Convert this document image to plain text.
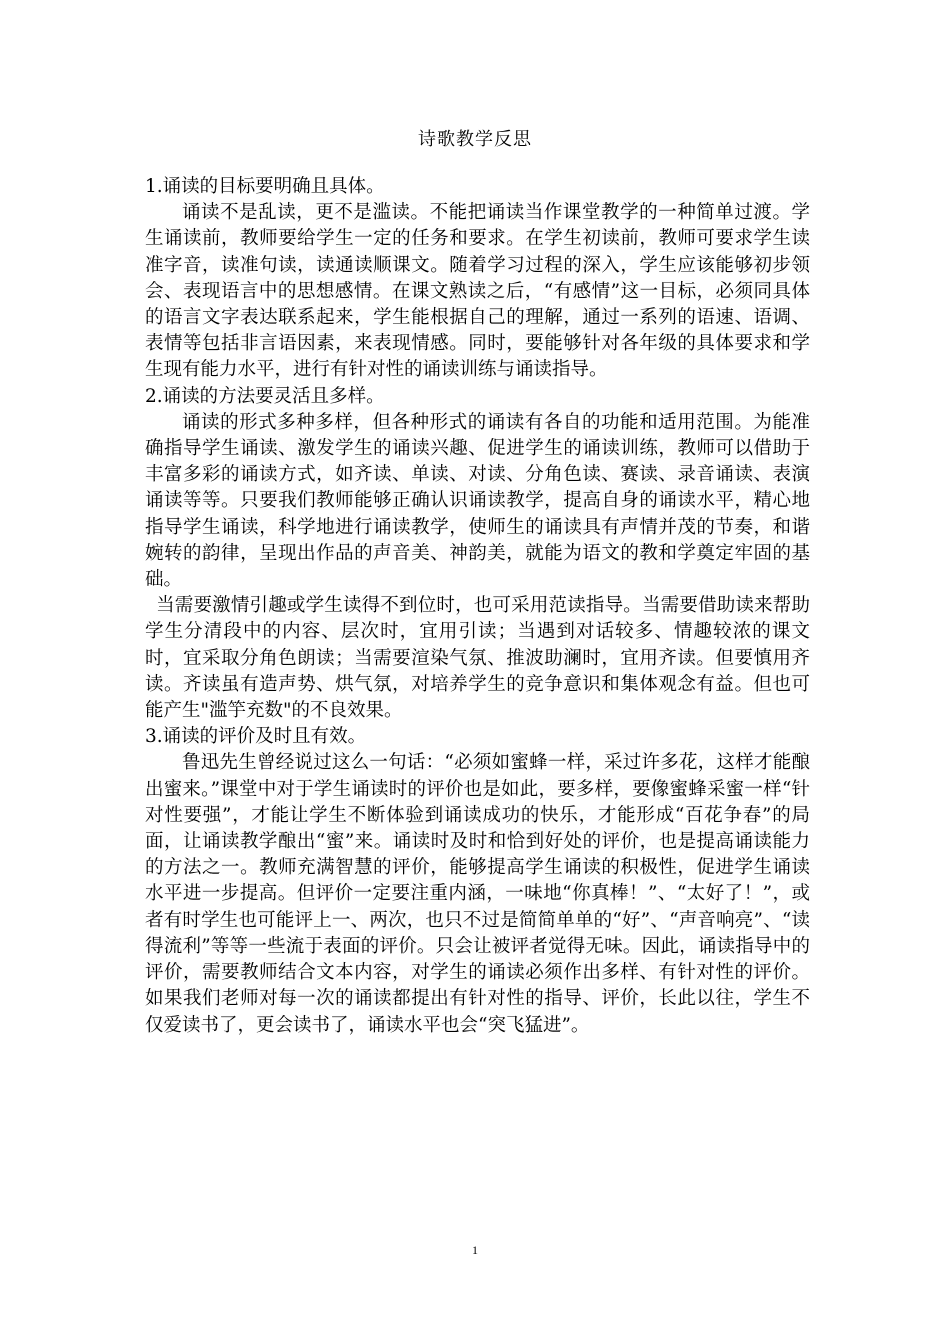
诗歌教学反思

1.诵读的目标要明确且具体。

诵读不是乱读，更不是滥读。不能把诵读当作课堂教学的一种简单过渡。学生诵读前，教师要给学生一定的任务和要求。在学生初读前，教师可要求学生读准字音，读准句读，读通读顺课文。随着学习过程的深入，学生应该能够初步领会、表现语言中的思想感情。在课文熟读之后，“有感情”这一目标，必须同具体的语言文字表达联系起来，学生能根据自己的理解，通过一系列的语速、语调、表情等包括非言语因素，来表现情感。同时，要能够针对各年级的具体要求和学生现有能力水平，进行有针对性的诵读训练与诵读指导。

2.诵读的方法要灵活且多样。

诵读的形式多种多样，但各种形式的诵读有各自的功能和适用范围。为能准确指导学生诵读、激发学生的诵读兴趣、促进学生的诵读训练，教师可以借助于丰富多彩的诵读方式，如齐读、单读、对读、分角色读、赛读、录音诵读、表演诵读等等。只要我们教师能够正确认识诵读教学，提高自身的诵读水平，精心地指导学生诵读，科学地进行诵读教学，使师生的诵读具有声情并茂的节奏，和谐婉转的韵律，呈现出作品的声音美、神韵美，就能为语文的教和学奠定牢固的基础。

当需要激情引趣或学生读得不到位时，也可采用范读指导。当需要借助读来帮助学生分清段中的内容、层次时，宜用引读；当遇到对话较多、情趣较浓的课文时，宜采取分角色朗读；当需要渲染气氛、推波助澜时，宜用齐读。但要慎用齐读。齐读虽有造声势、烘气氛，对培养学生的竞争意识和集体观念有益。但也可能产生"滥竽充数"的不良效果。

3.诵读的评价及时且有效。

鲁迅先生曾经说过这么一句话：“必须如蜜蜂一样，采过许多花，这样才能酿出蜜来。”课堂中对于学生诵读时的评价也是如此，要多样，要像蜜蜂采蜜一样“针对性要强”，才能让学生不断体验到诵读成功的快乐，才能形成“百花争春”的局面，让诵读教学酿出“蜜”来。诵读时及时和恰到好处的评价，也是提高诵读能力的方法之一。教师充满智慧的评价，能够提高学生诵读的积极性，促进学生诵读水平进一步提高。但评价一定要注重内涵，一味地“你真棒！”、“太好了！”，或者有时学生也可能评上一、两次，也只不过是简简单单的“好”、“声音响亮”、“读得流利”等等一些流于表面的评价。只会让被评者觉得无味。因此，诵读指导中的评价，需要教师结合文本内容，对学生的诵读必须作出多样、有针对性的评价。如果我们老师对每一次的诵读都提出有针对性的指导、评价，长此以往，学生不仅爱读书了，更会读书了，诵读水平也会“突飞猛进”。

1
